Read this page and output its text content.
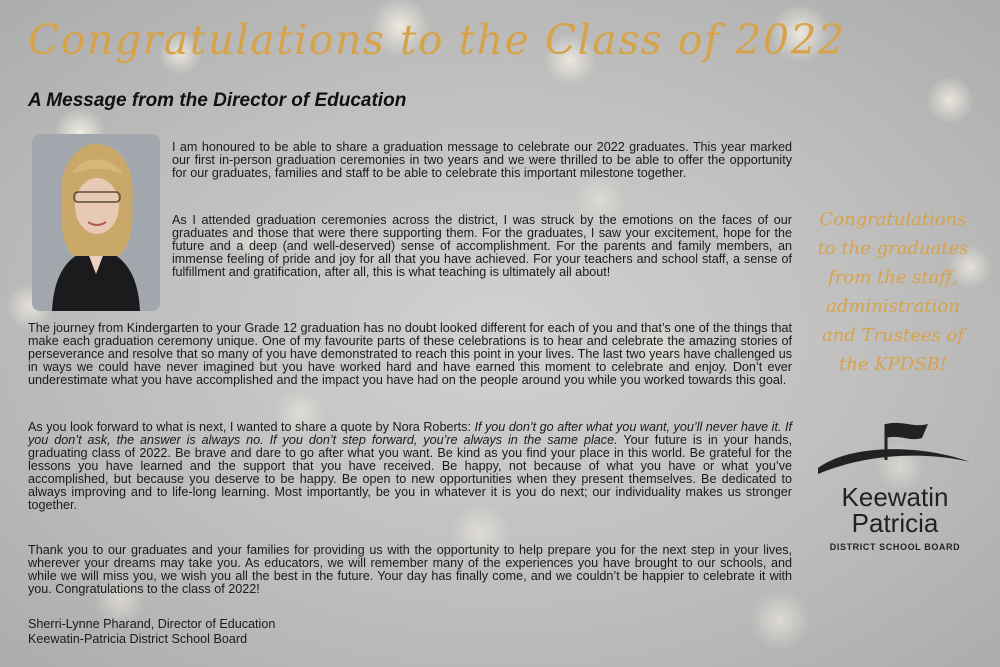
Congratulations to the Class of 2022
A Message from the Director of Education

I am honoured to be able to share a graduation message to celebrate our 2022 graduates. This year marked our first in-person graduation ceremonies in two years and we were thrilled to be able to offer the opportunity for our graduates, families and staff to be able to celebrate this important milestone together.

As I attended graduation ceremonies across the district, I was struck by the emotions on the faces of our graduates and those that were there supporting them. For the graduates, I saw your excitement, hope for the future and a deep (and well-deserved) sense of accomplishment. For the parents and family members, an immense feeling of pride and joy for all that you have achieved. For your teachers and school staff, a sense of fulfillment and gratification, after all, this is what teaching is ultimately all about!

The journey from Kindergarten to your Grade 12 graduation has no doubt looked different for each of you and that’s one of the things that make each graduation ceremony unique. One of my favourite parts of these celebrations is to hear and celebrate the amazing stories of perseverance and resolve that so many of you have demonstrated to reach this point in your lives. The last two years have challenged us in ways we could have never imagined but you have worked hard and have earned this moment to celebrate and enjoy. Don’t ever underestimate what you have accomplished and the impact you have had on the people around you while you worked towards this goal.

As you look forward to what is next, I wanted to share a quote by Nora Roberts: If you don’t go after what you want, you’ll never have it. If you don’t ask, the answer is always no. If you don’t step forward, you’re always in the same place. Your future is in your hands, graduating class of 2022. Be brave and dare to go after what you want. Be kind as you find your place in this world. Be grateful for the lessons you have learned and the support that you have received. Be happy, not because of what you have or what you’ve accomplished, but because you deserve to be happy. Be open to new opportunities when they present themselves. Be dedicated to always improving and to life-long learning. Most importantly, be you in whatever it is you do next; our individuality makes us stronger together.

Thank you to our graduates and your families for providing us with the opportunity to help prepare you for the next step in your lives, wherever your dreams may take you. As educators, we will remember many of the experiences you have brought to our schools, and while we will miss you, we wish you all the best in the future. Your day has finally come, and we couldn’t be happier to celebrate it with you. Congratulations to the class of 2022!

Sherri-Lynne Pharand, Director of Education
Keewatin-Patricia District School Board
Congratulations to the graduates from the staff, administration and Trustees of the KPDSB!
Keewatin
Patricia
DISTRICT SCHOOL BOARD
